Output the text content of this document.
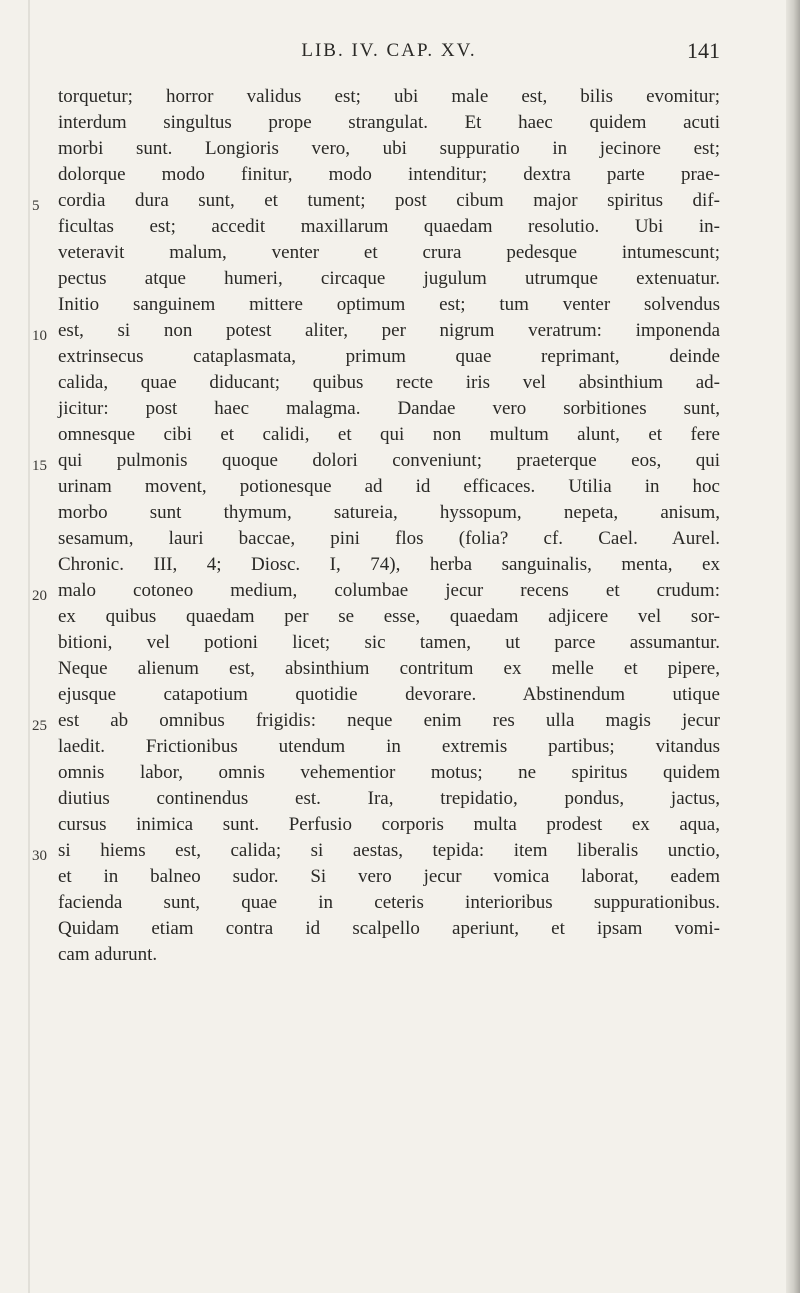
LIB. IV. CAP. XV.	141
5
10
15
20
25
30
torquetur; horror validus est; ubi male est, bilis evomitur;
interdum singultus prope strangulat. Et haec quidem acuti
morbi sunt. Longioris vero, ubi suppuratio in jecinore est;
dolorque modo finitur, modo intenditur; dextra parte prae-
cordia dura sunt, et tument; post cibum major spiritus dif-
ficultas est; accedit maxillarum quaedam resolutio. Ubi in-
veteravit malum, venter et crura pedesque intumescunt;
pectus atque humeri, circaque jugulum utrumque extenuatur.
Initio sanguinem mittere optimum est; tum venter solvendus
est, si non potest aliter, per nigrum veratrum: imponenda
extrinsecus cataplasmata, primum quae reprimant, deinde
calida, quae diducant; quibus recte iris vel absinthium ad-
jicitur: post haec malagma. Dandae vero sorbitiones sunt,
omnesque cibi et calidi, et qui non multum alunt, et fere
qui pulmonis quoque dolori conveniunt; praeterque eos, qui
urinam movent, potionesque ad id efficaces. Utilia in hoc
morbo sunt thymum, satureia, hyssopum, nepeta, anisum,
sesamum, lauri baccae, pini flos (folia? cf. Cael. Aurel.
Chronic. III, 4; Diosc. I, 74), herba sanguinalis, menta, ex
malo cotoneo medium, columbae jecur recens et crudum:
ex quibus quaedam per se esse, quaedam adjicere vel sor-
bitioni, vel potioni licet; sic tamen, ut parce assumantur.
Neque alienum est, absinthium contritum ex melle et pipere,
ejusque catapotium quotidie devorare. Abstinendum utique
est ab omnibus frigidis: neque enim res ulla magis jecur
laedit. Frictionibus utendum in extremis partibus; vitandus
omnis labor, omnis vehementior motus; ne spiritus quidem
diutius continendus est. Ira, trepidatio, pondus, jactus,
cursus inimica sunt. Perfusio corporis multa prodest ex aqua,
si hiems est, calida; si aestas, tepida: item liberalis unctio,
et in balneo sudor. Si vero jecur vomica laborat, eadem
facienda sunt, quae in ceteris interioribus suppurationibus.
Quidam etiam contra id scalpello aperiunt, et ipsam vomi-
cam adurunt.
